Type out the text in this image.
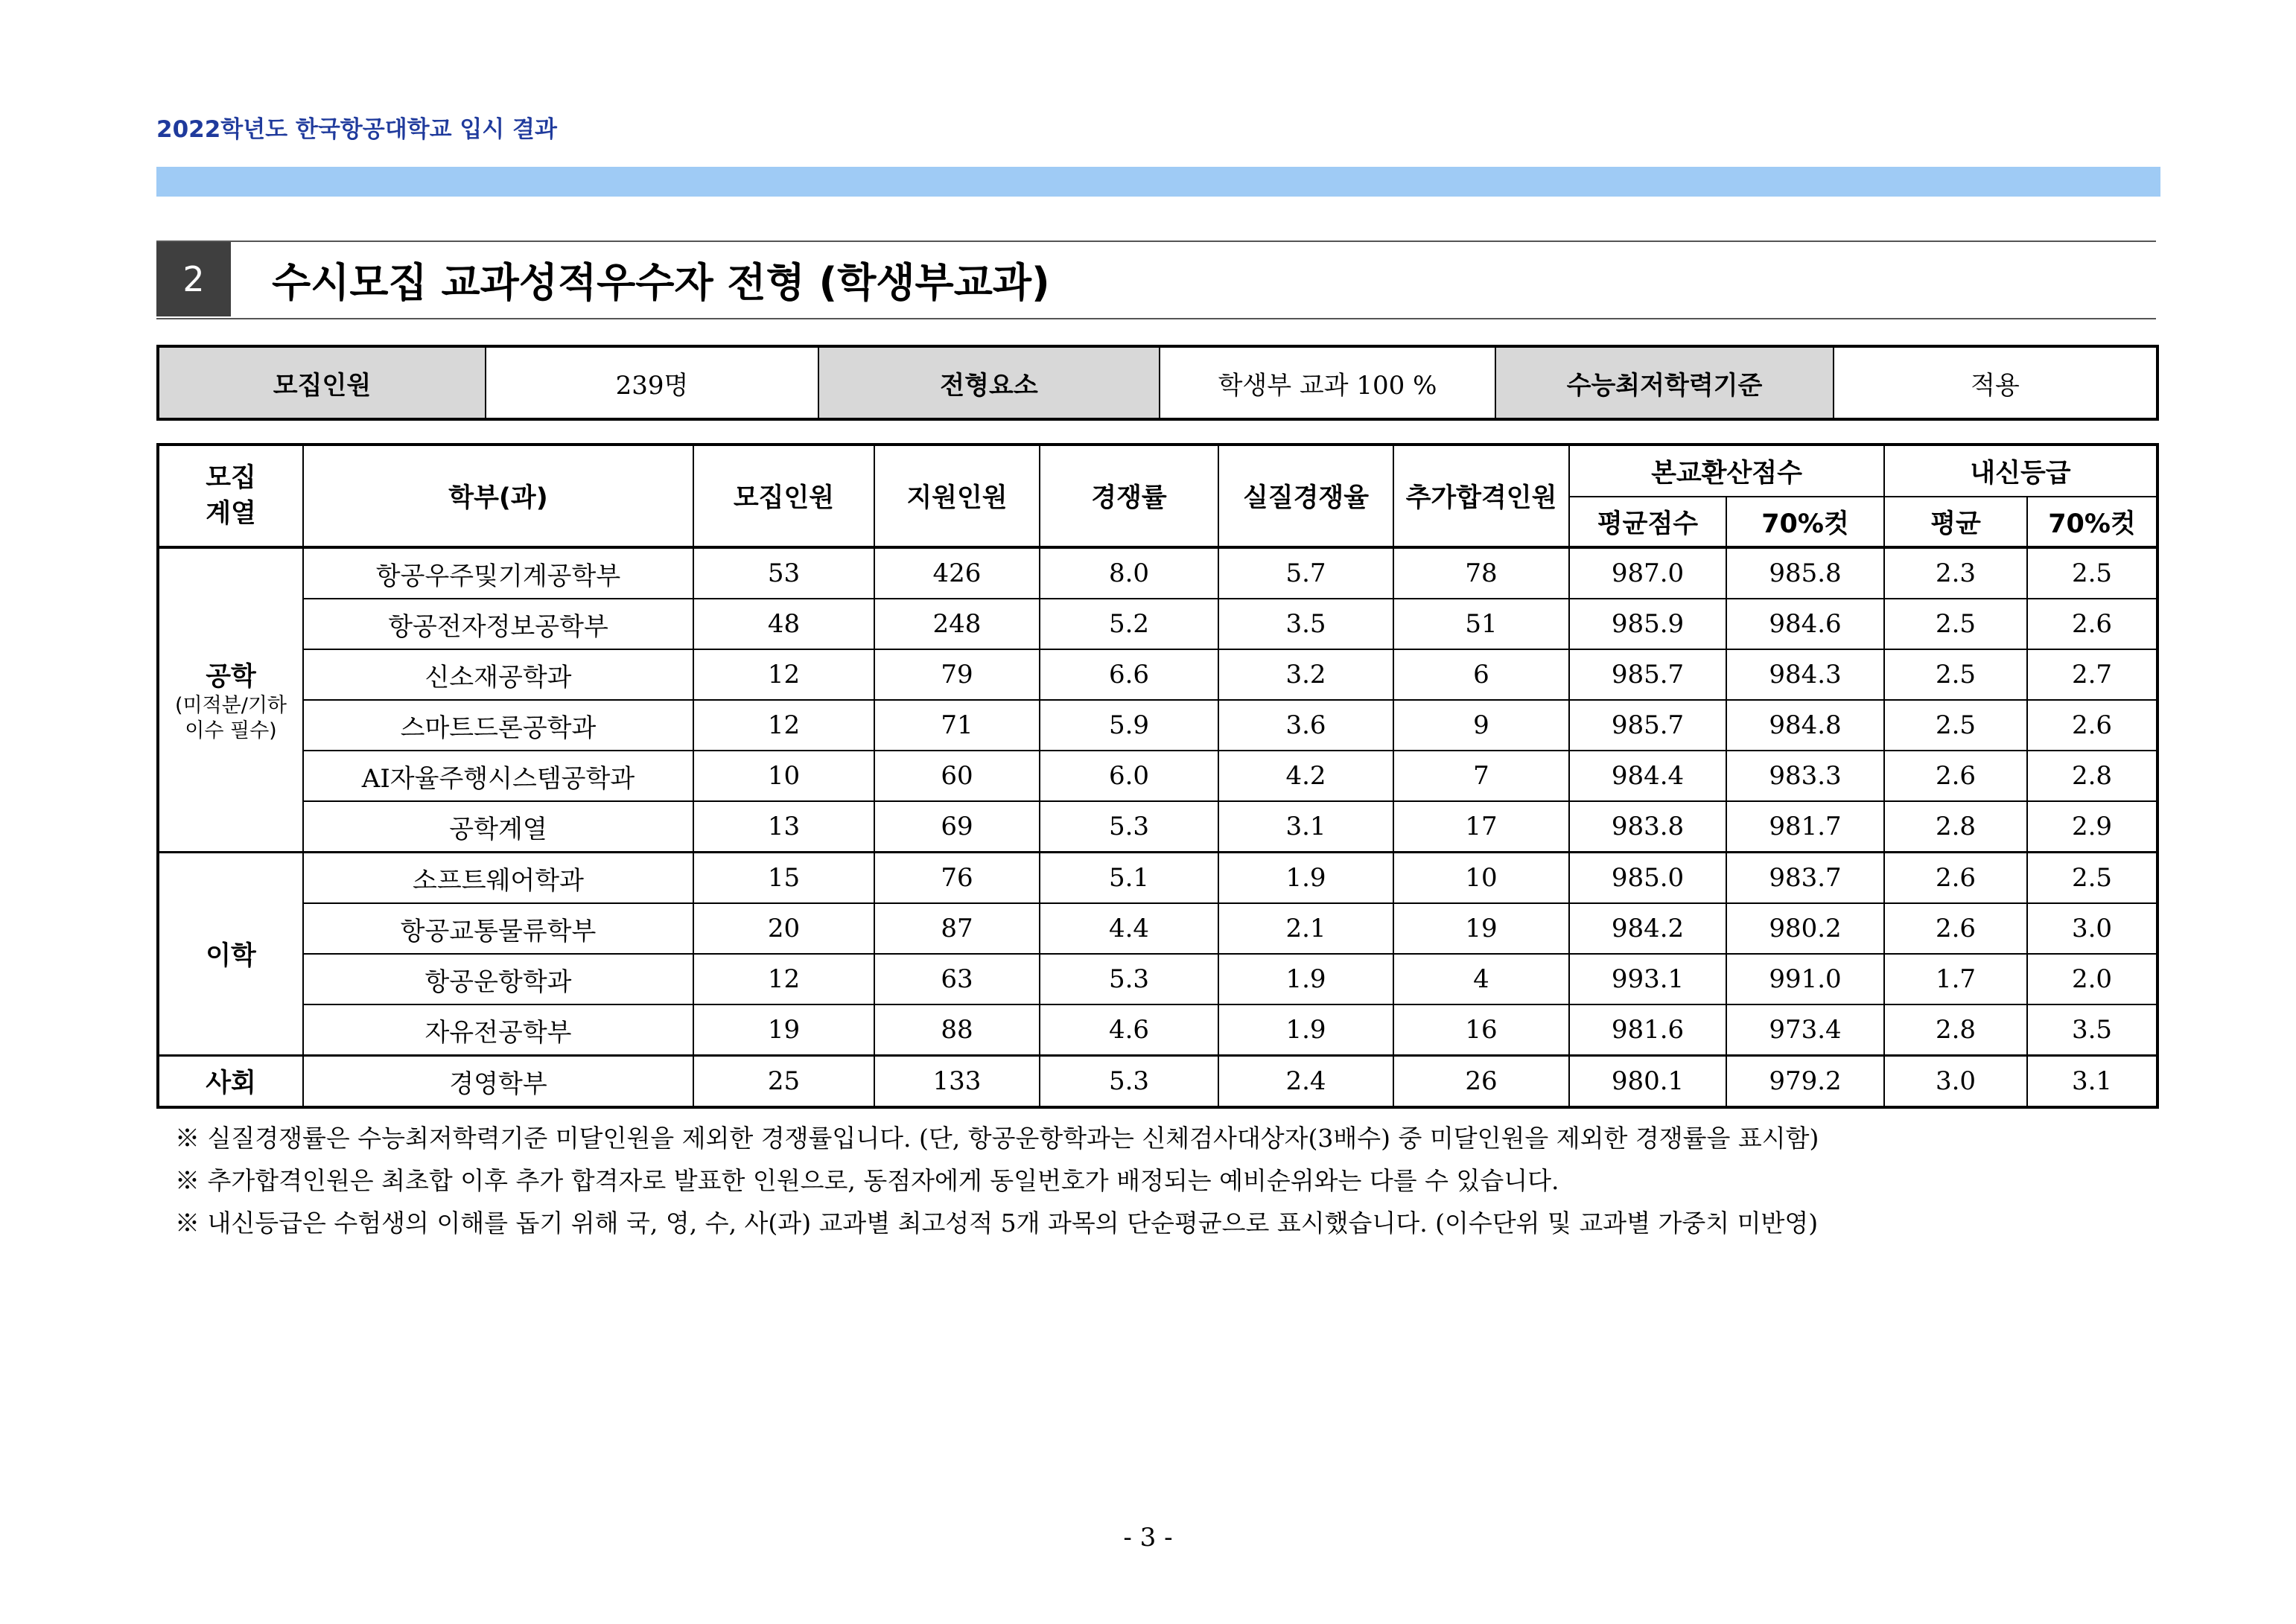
2022학년도 한국항공대학교 입시 결과
2	수시모집 교과성적우수자 전형 (학생부교과)
모집인원	239명	전형요소	학생부 교과 100 %	수능최저학력기준	적용
모집
계열	학부(과)	모집인원	지원인원	경쟁률	실질경쟁율	추가합격인원	본교환산점수		내신등급	
							평균점수	70%컷	평균	70%컷
공학
(미적분/기하
이수 필수)	항공우주및기계공학부	53	426	8.0	5.7	78	987.0	985.8	2.3	2.5
	항공전자정보공학부	48	248	5.2	3.5	51	985.9	984.6	2.5	2.6
	신소재공학과	12	79	6.6	3.2	6	985.7	984.3	2.5	2.7
	스마트드론공학과	12	71	5.9	3.6	9	985.7	984.8	2.5	2.6
	AI자율주행시스템공학과	10	60	6.0	4.2	7	984.4	983.3	2.6	2.8
	공학계열	13	69	5.3	3.1	17	983.8	981.7	2.8	2.9
이학	소프트웨어학과	15	76	5.1	1.9	10	985.0	983.7	2.6	2.5
	항공교통물류학부	20	87	4.4	2.1	19	984.2	980.2	2.6	3.0
	항공운항학과	12	63	5.3	1.9	4	993.1	991.0	1.7	2.0
	자유전공학부	19	88	4.6	1.9	16	981.6	973.4	2.8	3.5
사회	경영학부	25	133	5.3	2.4	26	980.1	979.2	3.0	3.1
※ 실질경쟁률은 수능최저학력기준 미달인원을 제외한 경쟁률입니다. (단, 항공운항학과는 신체검사대상자(3배수) 중 미달인원을 제외한 경쟁률을 표시함)
※ 추가합격인원은 최초합 이후 추가 합격자로 발표한 인원으로, 동점자에게 동일번호가 배정되는 예비순위와는 다를 수 있습니다.
※ 내신등급은 수험생의 이해를 돕기 위해 국, 영, 수, 사(과) 교과별 최고성적 5개 과목의 단순평균으로 표시했습니다. (이수단위 및 교과별 가중치 미반영)
- 3 -
